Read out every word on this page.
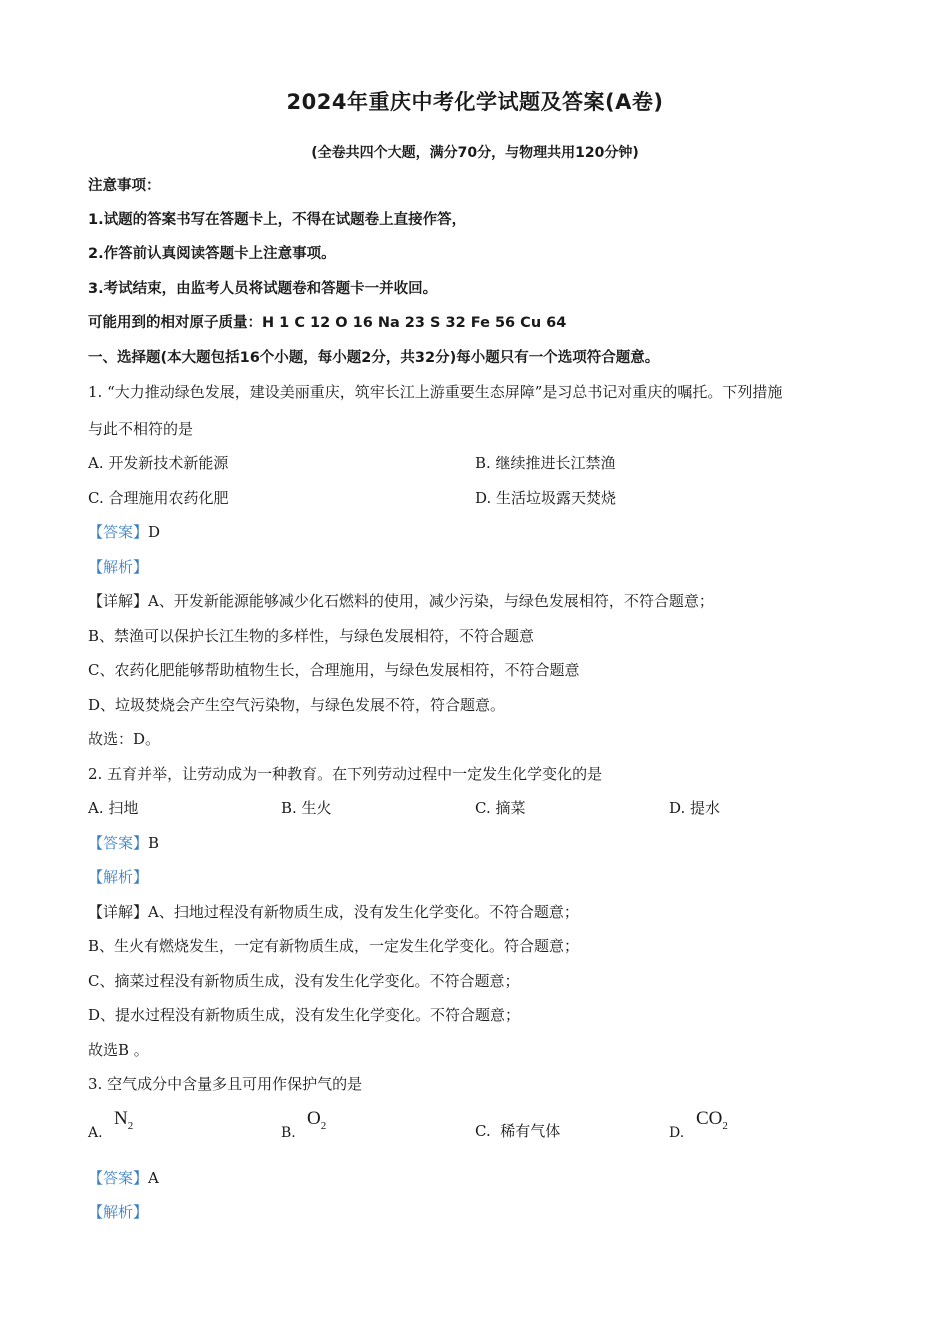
2024年重庆中考化学试题及答案(A卷)
(全卷共四个大题，满分70分，与物理共用120分钟)
注意事项：
1.试题的答案书写在答题卡上，不得在试题卷上直接作答，
2.作答前认真阅读答题卡上注意事项。
3.考试结束，由监考人员将试题卷和答题卡一并收回。
可能用到的相对原子质量：H 1 C 12 O 16 Na 23 S 32 Fe 56 Cu 64
一、选择题(本大题包括16个小题，每小题2分，共32分)每小题只有一个选项符合题意。
1. “大力推动绿色发展，建设美丽重庆，筑牢长江上游重要生态屏障”是习总书记对重庆的嘱托。下列措施
与此不相符的是
A. 开发新技术新能源	B. 继续推进长江禁渔
C. 合理施用农药化肥	D. 生活垃圾露天焚烧
【答案】D
【解析】
【详解】A、开发新能源能够减少化石燃料的使用，减少污染，与绿色发展相符，不符合题意；
B、禁渔可以保护长江生物的多样性，与绿色发展相符，不符合题意
C、农药化肥能够帮助植物生长，合理施用，与绿色发展相符，不符合题意
D、垃圾焚烧会产生空气污染物，与绿色发展不符，符合题意。
故选：D。
2. 五育并举，让劳动成为一种教育。在下列劳动过程中一定发生化学变化的是
A. 扫地	B. 生火	C. 摘菜	D. 提水
【答案】B
【解析】
【详解】A、扫地过程没有新物质生成，没有发生化学变化。不符合题意；
B、生火有燃烧发生，一定有新物质生成，一定发生化学变化。符合题意；
C、摘菜过程没有新物质生成，没有发生化学变化。不符合题意；
D、提水过程没有新物质生成，没有发生化学变化。不符合题意；
故选B 。
3. 空气成分中含量多且可用作保护气的是
A.
$N_2$	B.
$O_2$	C. 稀有气体	D.
$CO_2$
【答案】A
【解析】
